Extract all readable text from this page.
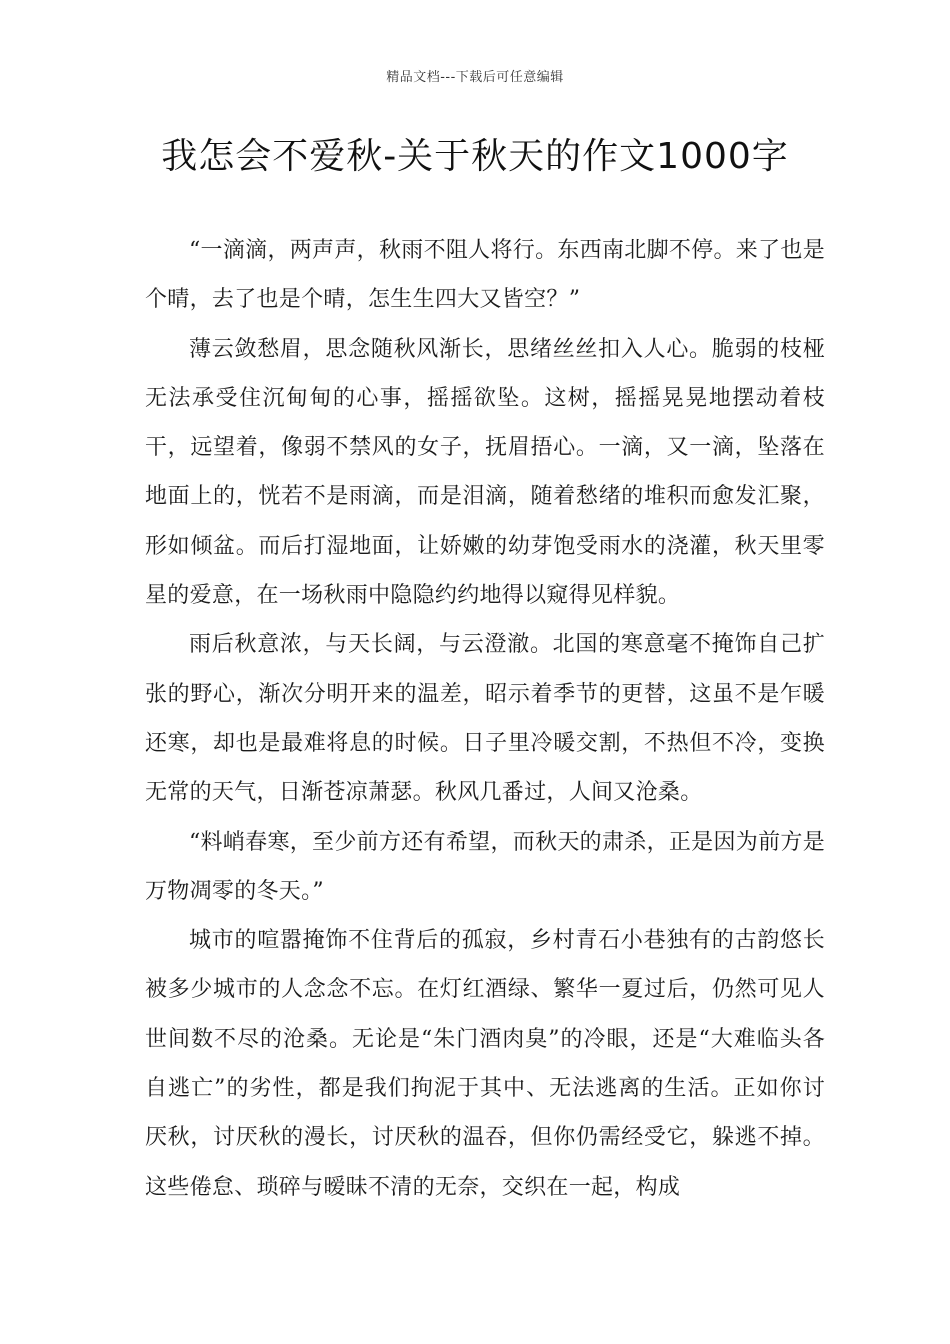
精品文档---下载后可任意编辑
我怎会不爱秋-关于秋天的作文1000字

“一滴滴，两声声，秋雨不阻人将行。东西南北脚不停。来了也是个晴，去了也是个晴，怎生生四大又皆空？”

薄云敛愁眉，思念随秋风渐长，思绪丝丝扣入人心。脆弱的枝桠无法承受住沉甸甸的心事，摇摇欲坠。这树，摇摇晃晃地摆动着枝干，远望着，像弱不禁风的女子，抚眉捂心。一滴，又一滴，坠落在地面上的，恍若不是雨滴，而是泪滴，随着愁绪的堆积而愈发汇聚，形如倾盆。而后打湿地面，让娇嫩的幼芽饱受雨水的浇灌，秋天里零星的爱意，在一场秋雨中隐隐约约地得以窥得见样貌。

雨后秋意浓，与天长阔，与云澄澈。北国的寒意毫不掩饰自己扩张的野心，渐次分明开来的温差，昭示着季节的更替，这虽不是乍暖还寒，却也是最难将息的时候。日子里冷暖交割，不热但不冷，变换无常的天气，日渐苍凉萧瑟。秋风几番过，人间又沧桑。

“料峭春寒，至少前方还有希望，而秋天的肃杀，正是因为前方是万物凋零的冬天。”

城市的喧嚣掩饰不住背后的孤寂，乡村青石小巷独有的古韵悠长被多少城市的人念念不忘。在灯红酒绿、繁华一夏过后，仍然可见人世间数不尽的沧桑。无论是“朱门酒肉臭”的冷眼，还是“大难临头各自逃亡”的劣性，都是我们拘泥于其中、无法逃离的生活。正如你讨厌秋，讨厌秋的漫长，讨厌秋的温吞，但你仍需经受它，躲逃不掉。这些倦怠、琐碎与暧昧不清的无奈，交织在一起，构成
